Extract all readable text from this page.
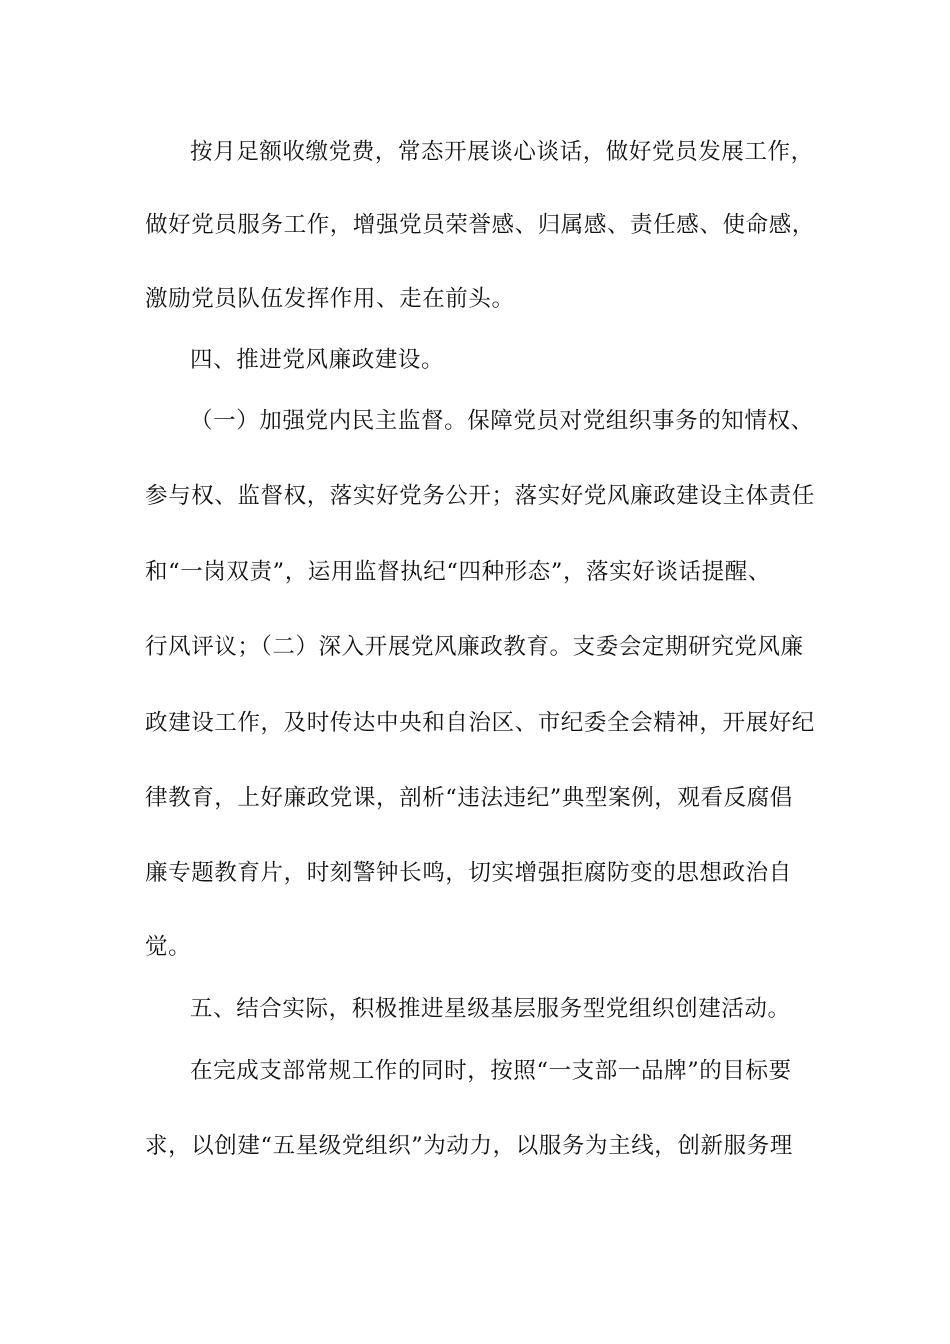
按月足额收缴党费，常态开展谈心谈话，做好党员发展工作，
做好党员服务工作，增强党员荣誉感、归属感、责任感、使命感，
激励党员队伍发挥作用、走在前头。
四、推进党风廉政建设。
（一）加强党内民主监督。保障党员对党组织事务的知情权、
参与权、监督权，落实好党务公开；落实好党风廉政建设主体责任
和“一岗双责”，运用监督执纪“四种形态”，落实好谈话提醒、
行风评议；（二）深入开展党风廉政教育。支委会定期研究党风廉
政建设工作，及时传达中央和自治区、市纪委全会精神，开展好纪
律教育，上好廉政党课，剖析“违法违纪”典型案例，观看反腐倡
廉专题教育片，时刻警钟长鸣，切实增强拒腐防变的思想政治自
觉。
五、结合实际，积极推进星级基层服务型党组织创建活动。
在完成支部常规工作的同时，按照“一支部一品牌”的目标要
求，以创建“五星级党组织”为动力，以服务为主线，创新服务理
